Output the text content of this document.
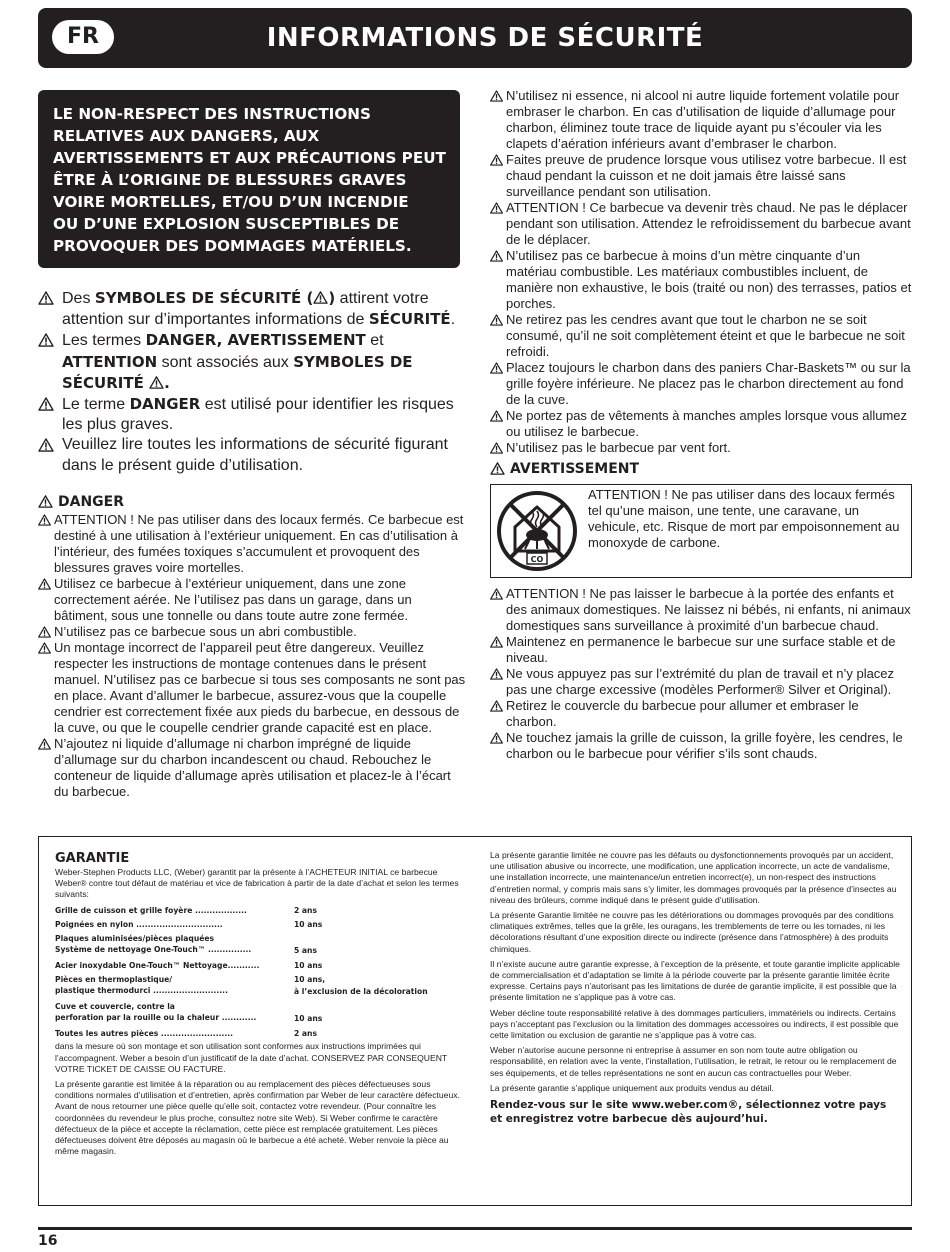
FR	INFORMATIONS DE SÉCURITÉ
LE NON-RESPECT DES INSTRUCTIONS
RELATIVES AUX DANGERS, AUX
AVERTISSEMENTS ET AUX PRÉCAUTIONS PEUT
ÊTRE À L’ORIGINE DE BLESSURES GRAVES
VOIRE MORTELLES, ET/OU D’UN INCENDIE
OU D’UNE EXPLOSION SUSCEPTIBLES DE
PROVOQUER DES DOMMAGES MATÉRIELS.
Des SYMBOLES DE SÉCURITÉ ( ) attirent votre attention sur d’importantes informations de SÉCURITÉ.
Les termes DANGER, AVERTISSEMENT et ATTENTION sont associés aux SYMBOLES DE SÉCURITÉ .
Le terme DANGER est utilisé pour identifier les risques les plus graves.
Veuillez lire toutes les informations de sécurité figurant dans le présent guide d’utilisation.
DANGER
ATTENTION ! Ne pas utiliser dans des locaux fermés. Ce barbecue est destiné à une utilisation à l’extérieur uniquement. En cas d’utilisation à l’intérieur, des fumées toxiques s’accumulent et provoquent des blessures graves voire mortelles.
Utilisez ce barbecue à l’extérieur uniquement, dans une zone correctement aérée. Ne l’utilisez pas dans un garage, dans un bâtiment, sous une tonnelle ou dans toute autre zone fermée.
N’utilisez pas ce barbecue sous un abri combustible.
Un montage incorrect de l’appareil peut être dangereux. Veuillez respecter les instructions de montage contenues dans le présent manuel. N’utilisez pas ce barbecue si tous ses composants ne sont pas en place. Avant d’allumer le barbecue, assurez-vous que la coupelle cendrier est correctement fixée aux pieds du barbecue, en dessous de la cuve, ou que le coupelle cendrier grande capacité est en place.
N’ajoutez ni liquide d’allumage ni charbon imprégné de liquide d’allumage sur du charbon incandescent ou chaud. Rebouchez le conteneur de liquide d’allumage après utilisation et placez-le à l’écart du barbecue.
N’utilisez ni essence, ni alcool ni autre liquide fortement volatile pour embraser le charbon. En cas d’utilisation de liquide d’allumage pour charbon, éliminez toute trace de liquide ayant pu s’écouler via les clapets d’aération inférieurs avant d’embraser le charbon.
Faites preuve de prudence lorsque vous utilisez votre barbecue. Il est chaud pendant la cuisson et ne doit jamais être laissé sans surveillance pendant son utilisation.
ATTENTION ! Ce barbecue va devenir très chaud. Ne pas le déplacer pendant son utilisation. Attendez le refroidissement du barbecue avant de le déplacer.
N’utilisez pas ce barbecue à moins d’un mètre cinquante d’un matériau combustible. Les matériaux combustibles incluent, de manière non exhaustive, le bois (traité ou non) des terrasses, patios et porches.
Ne retirez pas les cendres avant que tout le charbon ne se soit consumé, qu’il ne soit complètement éteint et que le barbecue ne soit refroidi.
Placez toujours le charbon dans des paniers Char-Baskets™ ou sur la grille foyère inférieure. Ne placez pas le charbon directement au fond de la cuve.
Ne portez pas de vêtements à manches amples lorsque vous allumez ou utilisez le barbecue.
N’utilisez pas le barbecue par vent fort.
AVERTISSEMENT
CO
ATTENTION ! Ne pas utiliser dans des locaux fermés tel qu’une maison, une tente, une caravane, un vehicule, etc. Risque de mort par empoisonnement au monoxyde de carbone.
ATTENTION ! Ne pas laisser le barbecue à la portée des enfants et des animaux domestiques. Ne laissez ni bébés, ni enfants, ni animaux domestiques sans surveillance à proximité d’un barbecue chaud.
Maintenez en permanence le barbecue sur une surface stable et de niveau.
Ne vous appuyez pas sur l’extrémité du plan de travail et n’y placez pas une charge excessive (modèles Performer® Silver et Original).
Retirez le couvercle du barbecue pour allumer et embraser le charbon.
Ne touchez jamais la grille de cuisson, la grille foyère, les cendres, le charbon ou le barbecue pour vérifier s’ils sont chauds.
GARANTIE
Weber-Stephen Products LLC, (Weber) garantit par la présente à l’ACHETEUR INITIAL ce barbecue Weber® contre tout défaut de matériau et vice de fabrication à partir de la date d’achat et selon les termes suivants:
Grille de cuisson et grille foyère ..................	2 ans
Poignées en nylon ..............................	10 ans
Plaques aluminisées/pièces plaquées
Système de nettoyage One-Touch™ ...............	5 ans
Acier inoxydable One-Touch™ Nettoyage...........	10 ans
Pièces en thermoplastique/
plastique thermodurci ..........................
10 ans,
à l’exclusion de la décoloration
Cuve et couvercle, contre la
perforation par la rouille ou la chaleur ............	10 ans
Toutes les autres pièces .........................	2 ans
dans la mesure où son montage et son utilisation sont conformes aux instructions imprimées qui l’accompagnent. Weber a besoin d’un justificatif de la date d’achat. CONSERVEZ PAR CONSEQUENT VOTRE TICKET DE CAISSE OU FACTURE.
La présente garantie est limitée à la réparation ou au remplacement des pièces défectueuses sous conditions normales d’utilisation et d’entretien, après confirmation par Weber de leur caractère défectueux. Avant de nous retourner une pièce quelle qu’elle soit, contactez votre revendeur. (Pour connaître les coordonnées du revendeur le plus proche, consultez notre site Web). Si Weber confirme le caractère défectueux de la pièce et accepte la réclamation, cette pièce est remplacée gratuitement. Les pièces défectueuses doivent être déposés au magasin où le barbecue a été acheté. Weber renvoie la pièce au même magasin.
La présente garantie limitée ne couvre pas les défauts ou dysfonctionnements provoqués par un accident, une utilisation abusive ou incorrecte, une modification, une application incorrecte, un acte de vandalisme, une installation incorrecte, une maintenance/un entretien incorrect(e), un non-respect des instructions d’entretien normal, y compris mais sans s’y limiter, les dommages provoqués par la présence d’insectes au niveau des brûleurs, comme indiqué dans le présent guide d’utilisation.
La présente Garantie limitée ne couvre pas les détériorations ou dommages provoqués par des conditions climatiques extrêmes, telles que la grêle, les ouragans, les tremblements de terre ou les tornades, ni les décolorations résultant d’une exposition directe ou indirecte (présence dans l’atmosphère) à des produits chimiques.
Il n’existe aucune autre garantie expresse, à l’exception de la présente, et toute garantie implicite applicable de commercialisation et d’adaptation se limite à la période couverte par la présente garantie limitée écrite expresse. Certains pays n’autorisant pas les limitations de durée de garantie implicite, il est possible que la présente limitation ne s’applique pas à votre cas.
Weber décline toute responsabilité relative à des dommages particuliers, immatériels ou indirects. Certains pays n’acceptant pas l’exclusion ou la limitation des dommages accessoires ou indirects, il est possible que cette limitation ou exclusion de garantie ne s’applique pas à votre cas.
Weber n’autorise aucune personne ni entreprise à assumer en son nom toute autre obligation ou responsabilité, en relation avec la vente, l’installation, l’utilisation, le retrait, le retour ou le remplacement de ses équipements, et de telles représentations ne sont en aucun cas contractuelles pour Weber.
La présente garantie s’applique uniquement aux produits vendus au détail.
Rendez-vous sur le site www.weber.com®, sélectionnez votre pays et enregistrez votre barbecue dès aujourd’hui.
16
